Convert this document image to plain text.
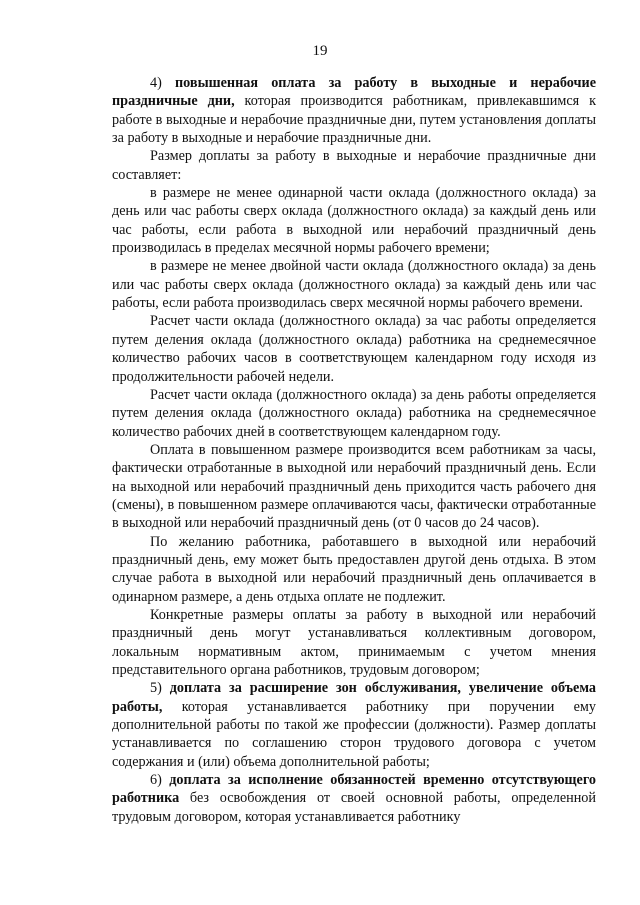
19

4) повышенная оплата за работу в выходные и нерабочие праздничные дни, которая производится работникам, привлекавшимся к работе в выходные и нерабочие праздничные дни, путем установления доплаты за работу в выходные и нерабочие праздничные дни.

Размер доплаты за работу в выходные и нерабочие праздничные дни составляет:

в размере не менее одинарной части оклада (должностного оклада) за день или час работы сверх оклада (должностного оклада) за каждый день или час работы, если работа в выходной или нерабочий праздничный день производилась в пределах месячной нормы рабочего времени;

в размере не менее двойной части оклада (должностного оклада) за день или час работы сверх оклада (должностного оклада) за каждый день или час работы, если работа производилась сверх месячной нормы рабочего времени.

Расчет части оклада (должностного оклада) за час работы определяется путем деления оклада (должностного оклада) работника на среднемесячное количество рабочих часов в соответствующем календарном году исходя из продолжительности рабочей недели.

Расчет части оклада (должностного оклада) за день работы определяется путем деления оклада (должностного оклада) работника на среднемесячное количество рабочих дней в соответствующем календарном году.

Оплата в повышенном размере производится всем работникам за часы, фактически отработанные в выходной или нерабочий праздничный день. Если на выходной или нерабочий праздничный день приходится часть рабочего дня (смены), в повышенном размере оплачиваются часы, фактически отработанные в выходной или нерабочий праздничный день (от 0 часов до 24 часов).

По желанию работника, работавшего в выходной или нерабочий праздничный день, ему может быть предоставлен другой день отдыха. В этом случае работа в выходной или нерабочий праздничный день оплачивается в одинарном размере, а день отдыха оплате не подлежит.

Конкретные размеры оплаты за работу в выходной или нерабочий праздничный день могут устанавливаться коллективным договором, локальным нормативным актом, принимаемым с учетом мнения представительного органа работников, трудовым договором;

5) доплата за расширение зон обслуживания, увеличение объема работы, которая устанавливается работнику при поручении ему дополнительной работы по такой же профессии (должности). Размер доплаты устанавливается по соглашению сторон трудового договора с учетом содержания и (или) объема дополнительной работы;

6) доплата за исполнение обязанностей временно отсутствующего работника без освобождения от своей основной работы, определенной трудовым договором, которая устанавливается работнику
